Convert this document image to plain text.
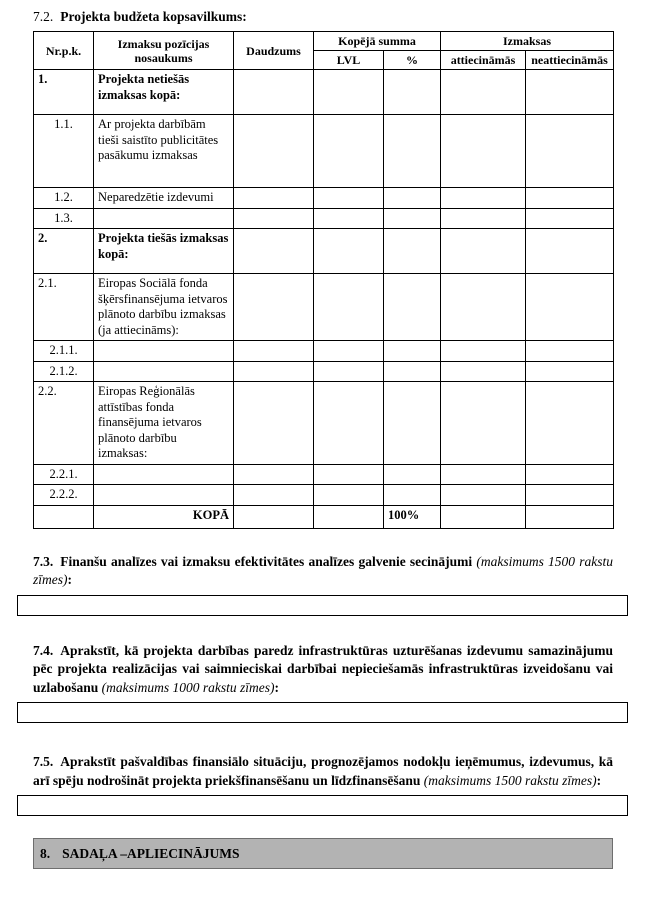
7.2. Projekta budžeta kopsavilkums:

Nr.p.k.	Izmaksu pozīcijas nosaukums	Daudzums	Kopējā summa		Izmaksas	
			LVL	%	attiecināmās	neattiecināmās
1.	Projekta netiešās izmaksas kopā:					
1.1.	Ar projekta darbībām tieši saistīto publicitātes pasākumu izmaksas					
1.2.	Neparedzētie izdevumi					
1.3.						
2.	Projekta tiešās izmaksas kopā:					
2.1.	Eiropas Sociālā fonda šķērsfinansējuma ietvaros plānoto darbību izmaksas (ja attiecināms):					
2.1.1.						
2.1.2.						
2.2.	Eiropas Reģionālās attīstības fonda finansējuma ietvaros plānoto darbību izmaksas:					
2.2.1.						
2.2.2.						
	KOPĀ			100%		

7.3. Finanšu analīzes vai izmaksu efektivitātes analīzes galvenie secinājumi (maksimums 1500 rakstu zīmes):

7.4. Aprakstīt, kā projekta darbības paredz infrastruktūras uzturēšanas izdevumu samazinājumu pēc projekta realizācijas vai saimnieciskai darbībai nepieciešamās infrastruktūras izveidošanu vai uzlabošanu (maksimums 1000 rakstu zīmes):

7.5. Aprakstīt pašvaldības finansiālo situāciju, prognozējamos nodokļu ieņēmumus, izdevumus, kā arī spēju nodrošināt projekta priekšfinansēšanu un līdzfinansēšanu (maksimums 1500 rakstu zīmes):

8. SADAĻA –APLIECINĀJUMS
